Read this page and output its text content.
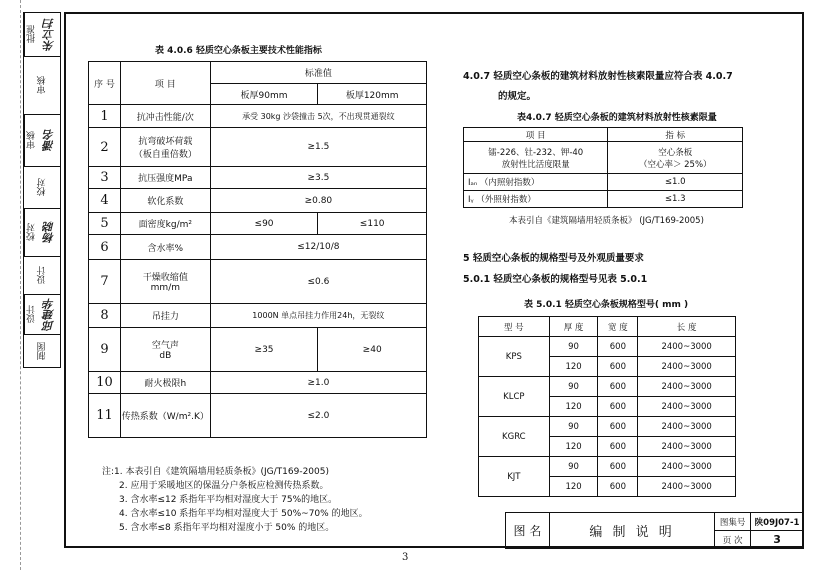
批准 朱立扫
审核
审核 潘名
校对
校对 杨晓
设计
设计 邱建华
制图
表 4.0.6 轻质空心条板主要技术性能指标
序 号	项 目	标准值	
		板厚90mm	板厚120mm
1	抗冲击性能/次	承受 30kg 沙袋撞击 5次，不出现贯通裂纹	
2	抗弯破坏荷载
（板自重倍数）	≥1.5	
3	抗压强度MPa	≥3.5	
4	软化系数	≥0.80	
5	面密度kg/m²	≤90	≤110
6	含水率%	≤12/10/8	
7	干燥收缩值
mm/m	≤0.6	
8	吊挂力	1000N 单点吊挂力作用24h，无裂纹	
9	空气声
dB	≥35	≥40
10	耐火极限h	≥1.0	
11	传热系数（W/m².K）	≤2.0	
注:1. 本表引自《建筑隔墙用轻质条板》(JG/T169-2005)
2. 应用于采暖地区的保温分户条板应检测传热系数。
3. 含水率≤12 系指年平均相对湿度大于 75%的地区。
4. 含水率≤10 系指年平均相对湿度大于 50%~70% 的地区。
5. 含水率≤8 系指年平均相对湿度小于 50% 的地区。
4.0.7 轻质空心条板的建筑材料放射性核素限量应符合表 4.0.7
的规定。
表4.0.7 轻质空心条板的建筑材料放射性核素限量
项 目	指 标
镭-226、钍-232、钾-40
放射性比活度限量	空心条板
（空心率＞ 25%）
Iₐₙ （内照射指数）	≤1.0
Iᵧ （外照射指数）	≤1.3
本表引自《建筑隔墙用轻质条板》 (JG/T169-2005)
5 轻质空心条板的规格型号及外观质量要求
5.0.1 轻质空心条板的规格型号见表 5.0.1
表 5.0.1 轻质空心条板规格型号( mm )
型 号	厚 度	宽 度	长 度
KPS	90	600	2400~3000
	120	600	2400~3000
KLCP	90	600	2400~3000
	120	600	2400~3000
KGRC	90	600	2400~3000
	120	600	2400~3000
KJT	90	600	2400~3000
	120	600	2400~3000
图 名	编 制 说 明	图集号	陕09J07-1
		页 次	3
3
